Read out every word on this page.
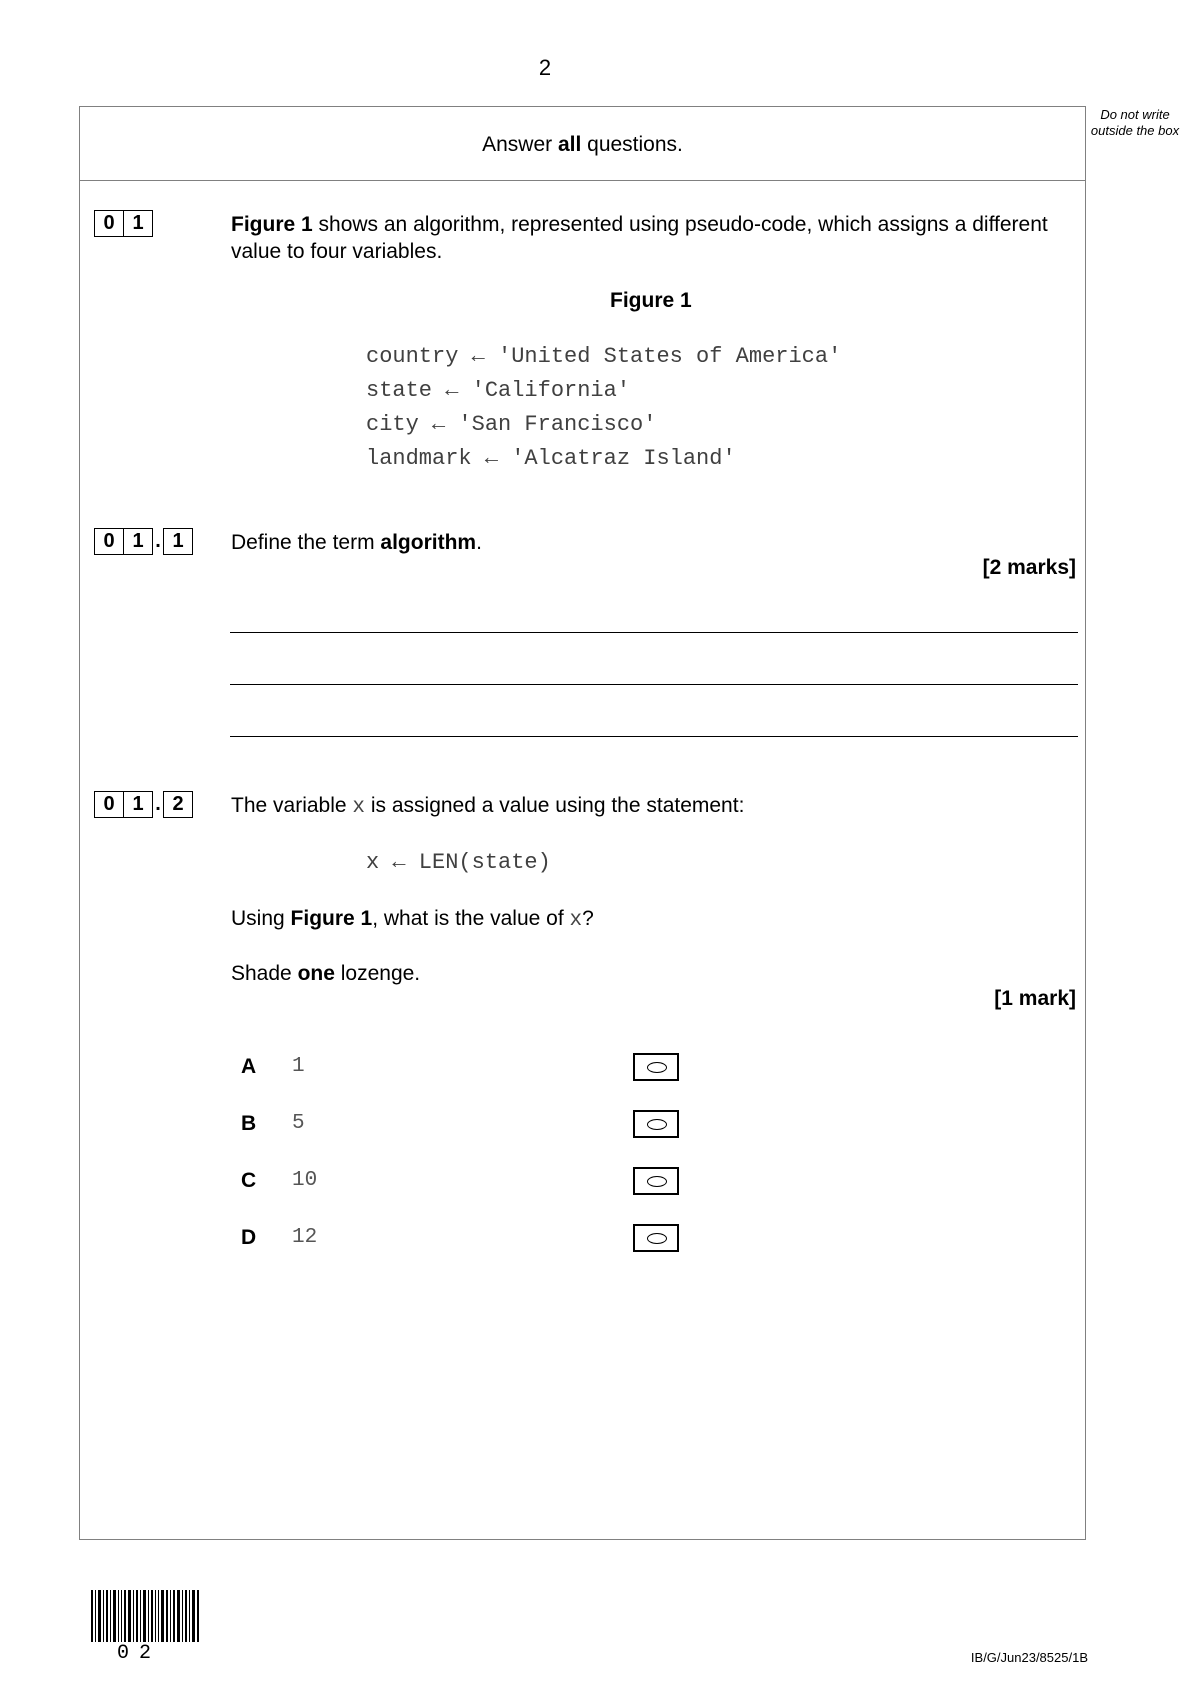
2
Do not write outside the box
Answer all questions.
0 1	Figure 1 shows an algorithm, represented using pseudo-code, which assigns a different value to four variables.
Figure 1
country ← 'United States of America'
state ← 'California'
city ← 'San Francisco'
landmark ← 'Alcatraz Island'
0 1 . 1	Define the term algorithm.
[2 marks]
0 1 . 2	The variable x is assigned a value using the statement:
x ← LEN(state)
Using Figure 1, what is the value of x?
Shade one lozenge.
[1 mark]
A 1
B 5
C 10
D 12
02	IB/G/Jun23/8525/1B
